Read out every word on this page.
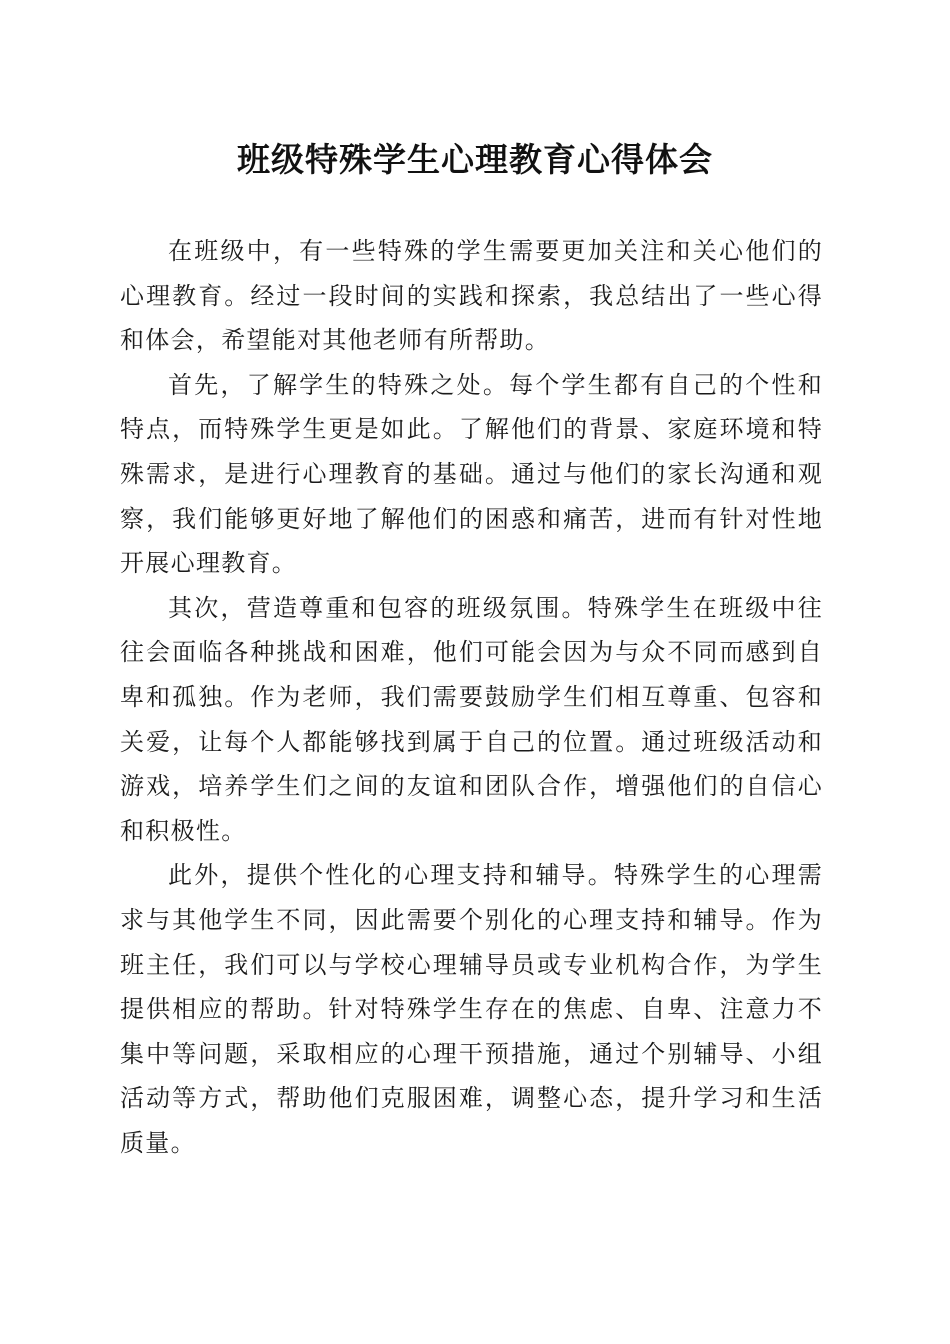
班级特殊学生心理教育心得体会

在班级中，有一些特殊的学生需要更加关注和关心他们的心理教育。经过一段时间的实践和探索，我总结出了一些心得和体会，希望能对其他老师有所帮助。

首先，了解学生的特殊之处。每个学生都有自己的个性和特点，而特殊学生更是如此。了解他们的背景、家庭环境和特殊需求，是进行心理教育的基础。通过与他们的家长沟通和观察，我们能够更好地了解他们的困惑和痛苦，进而有针对性地开展心理教育。

其次，营造尊重和包容的班级氛围。特殊学生在班级中往往会面临各种挑战和困难，他们可能会因为与众不同而感到自卑和孤独。作为老师，我们需要鼓励学生们相互尊重、包容和关爱，让每个人都能够找到属于自己的位置。通过班级活动和游戏，培养学生们之间的友谊和团队合作，增强他们的自信心和积极性。

此外，提供个性化的心理支持和辅导。特殊学生的心理需求与其他学生不同，因此需要个别化的心理支持和辅导。作为班主任，我们可以与学校心理辅导员或专业机构合作，为学生提供相应的帮助。针对特殊学生存在的焦虑、自卑、注意力不集中等问题，采取相应的心理干预措施，通过个别辅导、小组活动等方式，帮助他们克服困难，调整心态，提升学习和生活质量。
